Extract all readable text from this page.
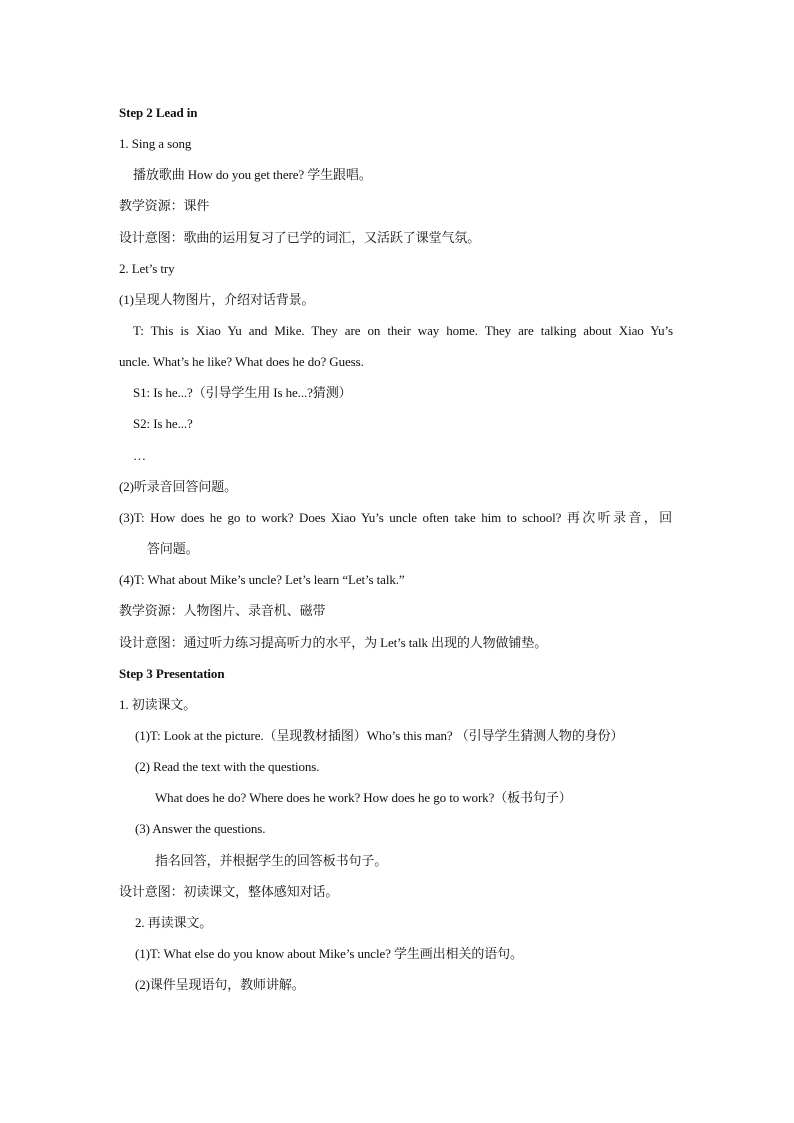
Step 2 Lead in
1. Sing a song
播放歌曲 How do you get there? 学生跟唱。
教学资源：课件
设计意图：歌曲的运用复习了已学的词汇，又活跃了课堂气氛。
2. Let’s try
(1)呈现人物图片，介绍对话背景。
T: This is Xiao Yu and Mike. They are on their way home. They are talking about Xiao Yu’s
uncle. What’s he like? What does he do? Guess.
S1: Is he...?（引导学生用 Is he...?猜测）
S2: Is he...?
…
(2)听录音回答问题。
(3)T: How does he go to work? Does Xiao Yu’s uncle often take him to school? 再次听录音，回
答问题。
(4)T: What about Mike’s uncle? Let’s learn “Let’s talk.”
教学资源：人物图片、录音机、磁带
设计意图：通过听力练习提高听力的水平，为 Let’s talk 出现的人物做铺垫。
Step 3 Presentation
1. 初读课文。
(1)T: Look at the picture.（呈现教材插图）Who’s this man? （引导学生猜测人物的身份）
(2) Read the text with the questions.
What does he do? Where does he work? How does he go to work?（板书句子）
(3) Answer the questions.
指名回答，并根据学生的回答板书句子。
设计意图：初读课文，整体感知对话。
2. 再读课文。
(1)T: What else do you know about Mike’s uncle? 学生画出相关的语句。
(2)课件呈现语句，教师讲解。
